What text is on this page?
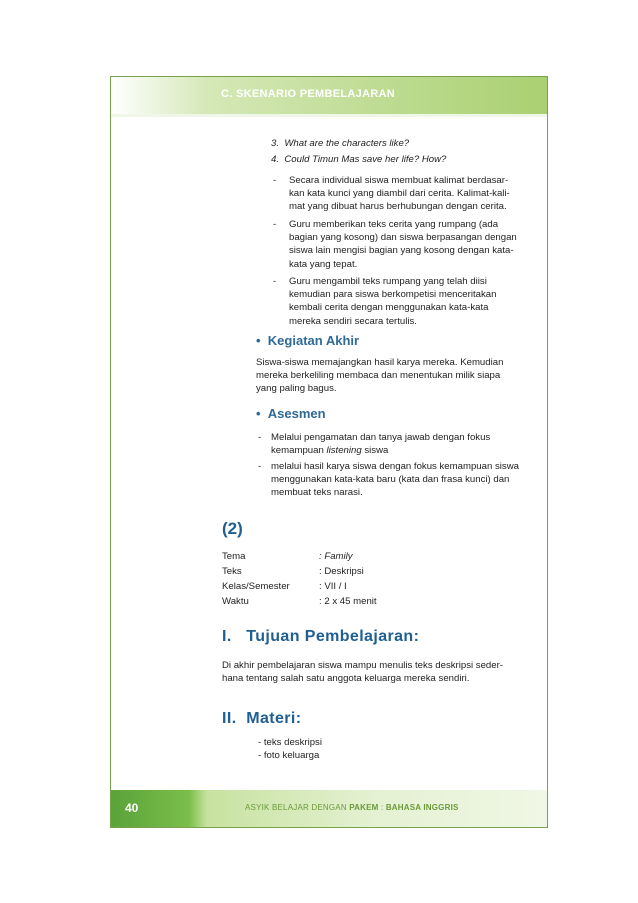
C. SKENARIO PEMBELAJARAN
40	ASYIK BELAJAR DENGAN PAKEM : BAHASA INGGRIS
3. What are the characters like?
4. Could Timun Mas save her life? How?
- Secara individual siswa membuat kalimat berdasar-
kan kata kunci yang diambil dari cerita. Kalimat-kali-
mat yang dibuat harus berhubungan dengan cerita.
- Guru memberikan teks cerita yang rumpang (ada
bagian yang kosong) dan siswa berpasangan dengan
siswa lain mengisi bagian yang kosong dengan kata-
kata yang tepat.
- Guru mengambil teks rumpang yang telah diisi
kemudian para siswa berkompetisi menceritakan
kembali cerita dengan menggunakan kata-kata
mereka sendiri secara tertulis.
• Kegiatan Akhir
Siswa-siswa memajangkan hasil karya mereka. Kemudian
mereka berkeliling membaca dan menentukan milik siapa
yang paling bagus.
• Asesmen
- Melalui pengamatan dan tanya jawab dengan fokus
kemampuan listening siswa
- melalui hasil karya siswa dengan fokus kemampuan siswa
menggunakan kata-kata baru (kata dan frasa kunci) dan
membuat teks narasi.
(2)
Tema	: Family
Teks	: Deskripsi
Kelas/Semester	: VII / I
Waktu	: 2 x 45 menit
I. Tujuan Pembelajaran:
Di akhir pembelajaran siswa mampu menulis teks deskripsi seder-
hana tentang salah satu anggota keluarga mereka sendiri.
II. Materi:
- teks deskripsi
- foto keluarga
